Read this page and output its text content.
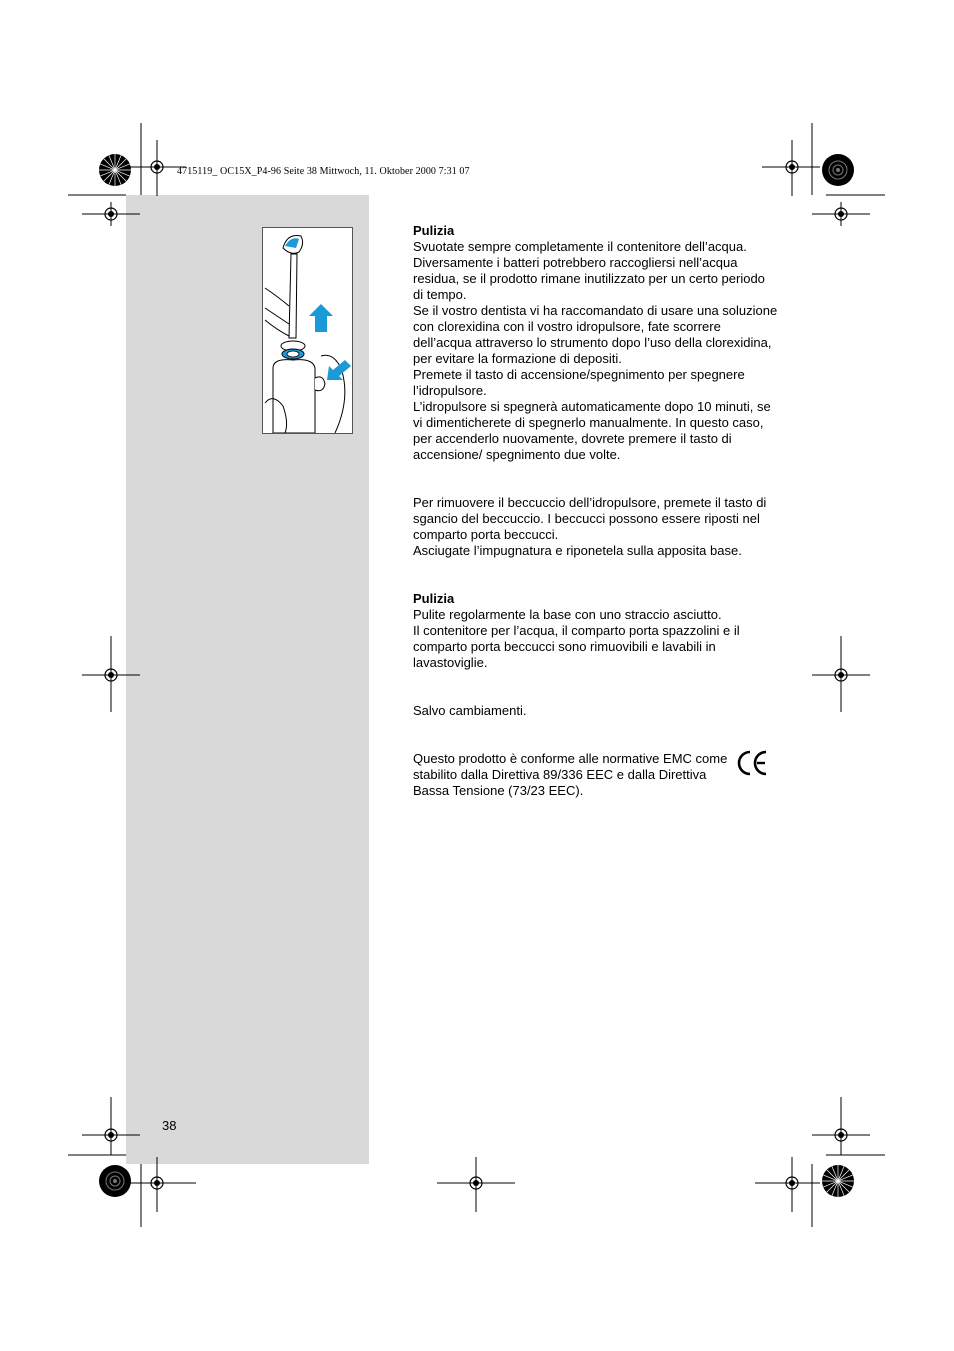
4715119_ OC15X_P4-96 Seite 38 Mittwoch, 11. Oktober 2000 7:31 07

Pulizia

Svuotate sempre completamente il contenitore dell’acqua.

Diversamente i batteri potrebbero raccogliersi nell’acqua residua, se il prodotto rimane inutilizzato per un certo periodo di tempo.

Se il vostro dentista vi ha raccomandato di usare una soluzione con clorexidina con il vostro idropulsore, fate scorrere dell’acqua attraverso lo strumento dopo l’uso della clorexidina, per evitare la formazione di depositi.

Premete il tasto di accensione/spegnimento per spegnere l’idropulsore.

L’idropulsore si spegnerà automaticamente dopo 10 minuti, se vi dimenticherete di spegnerlo manualmente. In questo caso, per accenderlo nuovamente, dovrete premere il tasto di accensione/ spegnimento due volte.

Per rimuovere il beccuccio dell’idropulsore, premete il tasto di sgancio del beccuccio. I beccucci possono essere riposti nel comparto porta beccucci.

Asciugate l’impugnatura e riponetela sulla apposita base.

Pulizia

Pulite regolarmente la base con uno straccio asciutto.

Il contenitore per l’acqua, il comparto porta spazzolini e il comparto porta beccucci sono rimuovibili e lavabili in lavastoviglie.

Salvo cambiamenti.

Questo prodotto è conforme alle normative EMC come stabilito dalla Direttiva 89/336 EEC e dalla Direttiva Bassa Tensione (73/23 EEC).

38
